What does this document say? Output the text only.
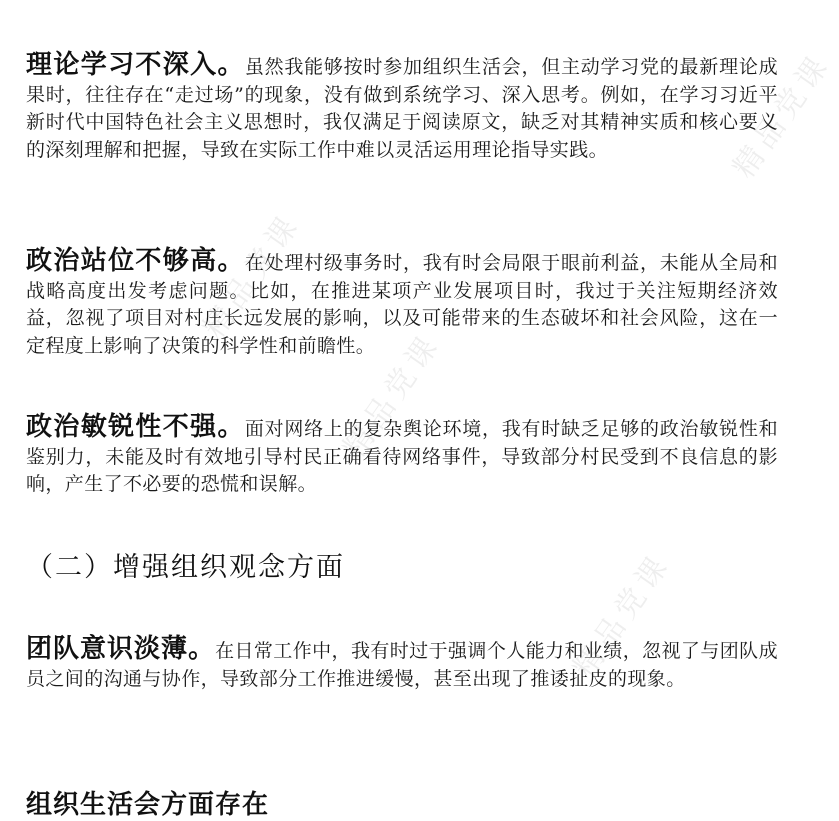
精品党课
精品党课
精品党课
精品党课

理论学习不深入。虽然我能够按时参加组织生活会，但主动学习党的最新理论成果时，往往存在“走过场”的现象，没有做到系统学习、深入思考。例如，在学习习近平新时代中国特色社会主义思想时，我仅满足于阅读原文，缺乏对其精神实质和核心要义的深刻理解和把握，导致在实际工作中难以灵活运用理论指导实践。

政治站位不够高。在处理村级事务时，我有时会局限于眼前利益，未能从全局和战略高度出发考虑问题。比如，在推进某项产业发展项目时，我过于关注短期经济效益，忽视了项目对村庄长远发展的影响，以及可能带来的生态破坏和社会风险，这在一定程度上影响了决策的科学性和前瞻性。

政治敏锐性不强。面对网络上的复杂舆论环境，我有时缺乏足够的政治敏锐性和鉴别力，未能及时有效地引导村民正确看待网络事件，导致部分村民受到不良信息的影响，产生了不必要的恐慌和误解。

（二）增强组织观念方面

团队意识淡薄。在日常工作中，我有时过于强调个人能力和业绩，忽视了与团队成员之间的沟通与协作，导致部分工作推进缓慢，甚至出现了推诿扯皮的现象。

组织生活会方面存在
